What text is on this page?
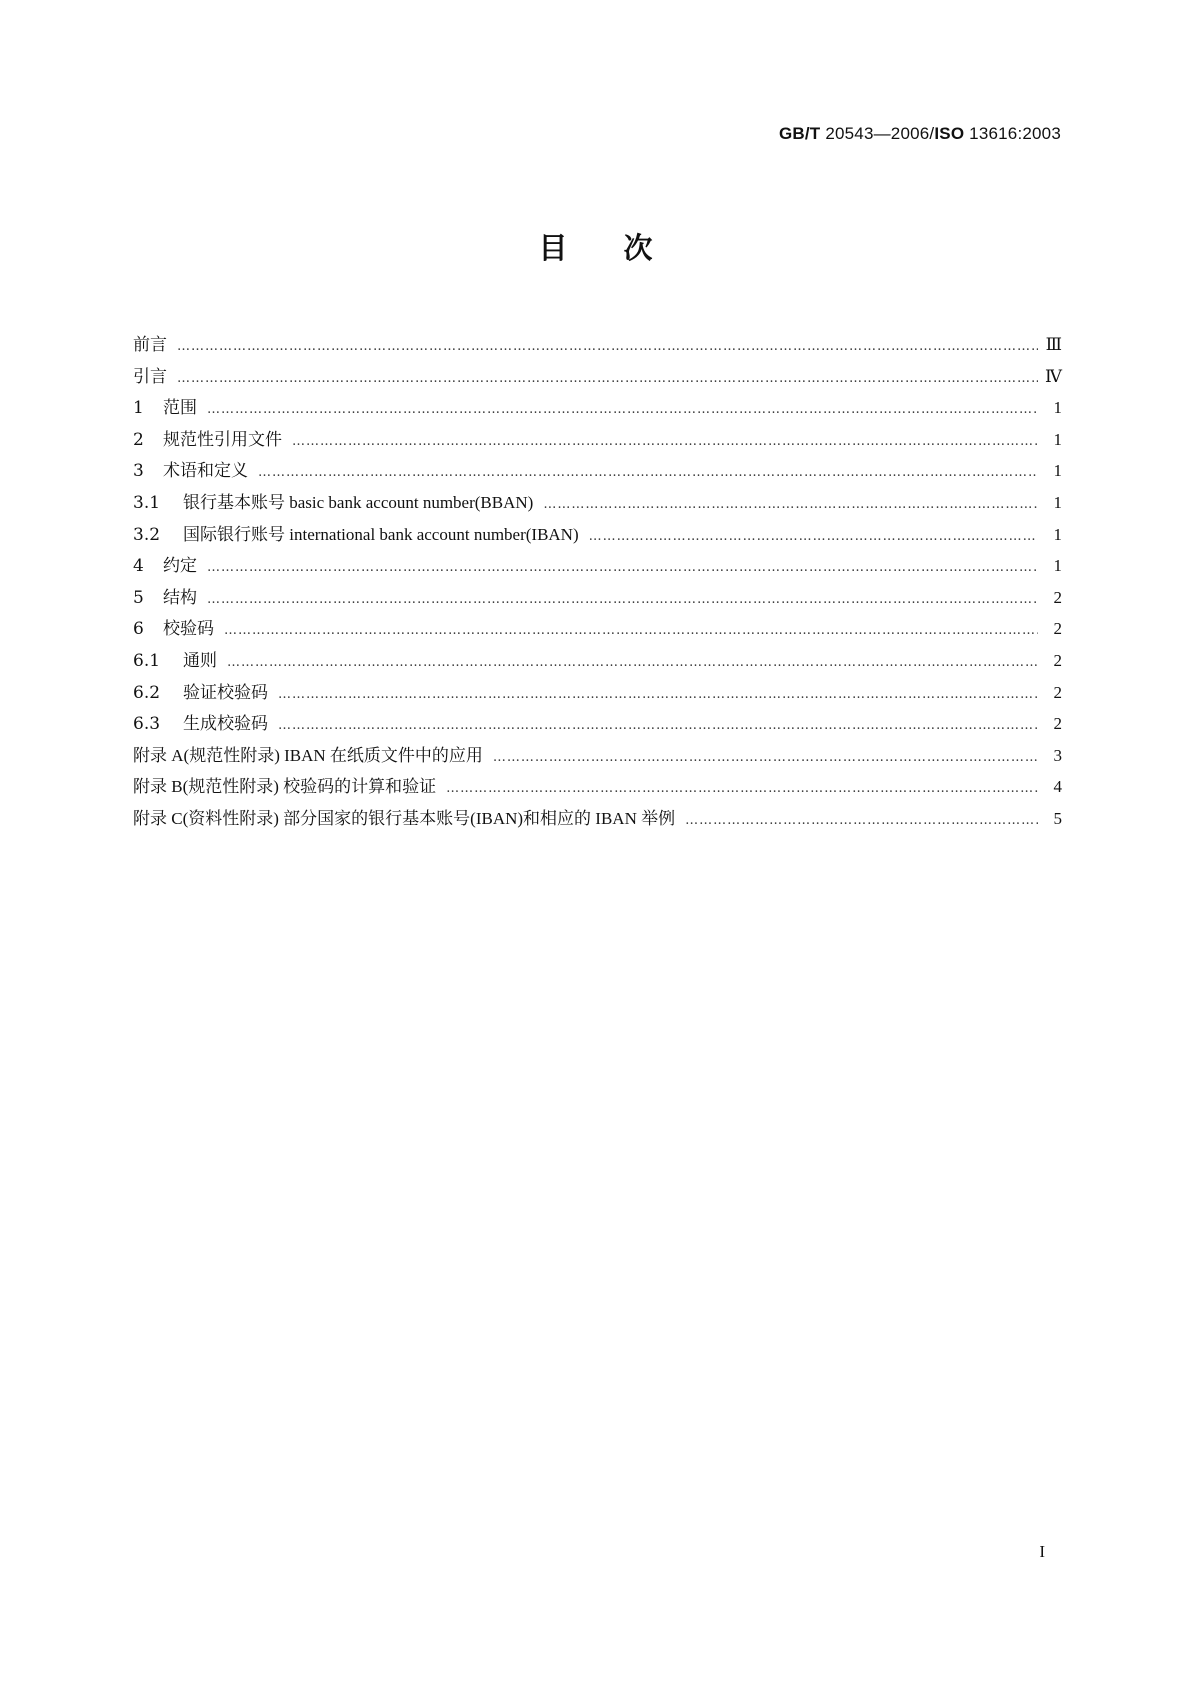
GB/T 20543—2006/ISO 13616:2003
目次
前言 …………………………………………………………………………………………………………………………………………………………………………………………………	Ⅲ
引言 …………………………………………………………………………………………………………………………………………………………………………………………………	Ⅳ
1 范围 …………………………………………………………………………………………………………………………………………………………………………………………………	1
2 规范性引用文件 …………………………………………………………………………………………………………………………………………………………………………………………………	1
3 术语和定义 …………………………………………………………………………………………………………………………………………………………………………………………………	1
3.1 银行基本账号 basic bank account number(BBAN) …………………………………………………………………………………………………………………………………………………………………………………………………	1
3.2 国际银行账号 international bank account number(IBAN) …………………………………………………………………………………………………………………………………………………………………………………………………	1
4 约定 …………………………………………………………………………………………………………………………………………………………………………………………………	1
5 结构 …………………………………………………………………………………………………………………………………………………………………………………………………	2
6 校验码 …………………………………………………………………………………………………………………………………………………………………………………………………	2
6.1 通则 …………………………………………………………………………………………………………………………………………………………………………………………………	2
6.2 验证校验码 …………………………………………………………………………………………………………………………………………………………………………………………………	2
6.3 生成校验码 …………………………………………………………………………………………………………………………………………………………………………………………………	2
附录 A(规范性附录) IBAN 在纸质文件中的应用 …………………………………………………………………………………………………………………………………………………………………………………………………	3
附录 B(规范性附录) 校验码的计算和验证 …………………………………………………………………………………………………………………………………………………………………………………………………	4
附录 C(资料性附录) 部分国家的银行基本账号(IBAN)和相应的 IBAN 举例 …………………………………………………………………………………………………………………………………………………………………………………………………	5
I
